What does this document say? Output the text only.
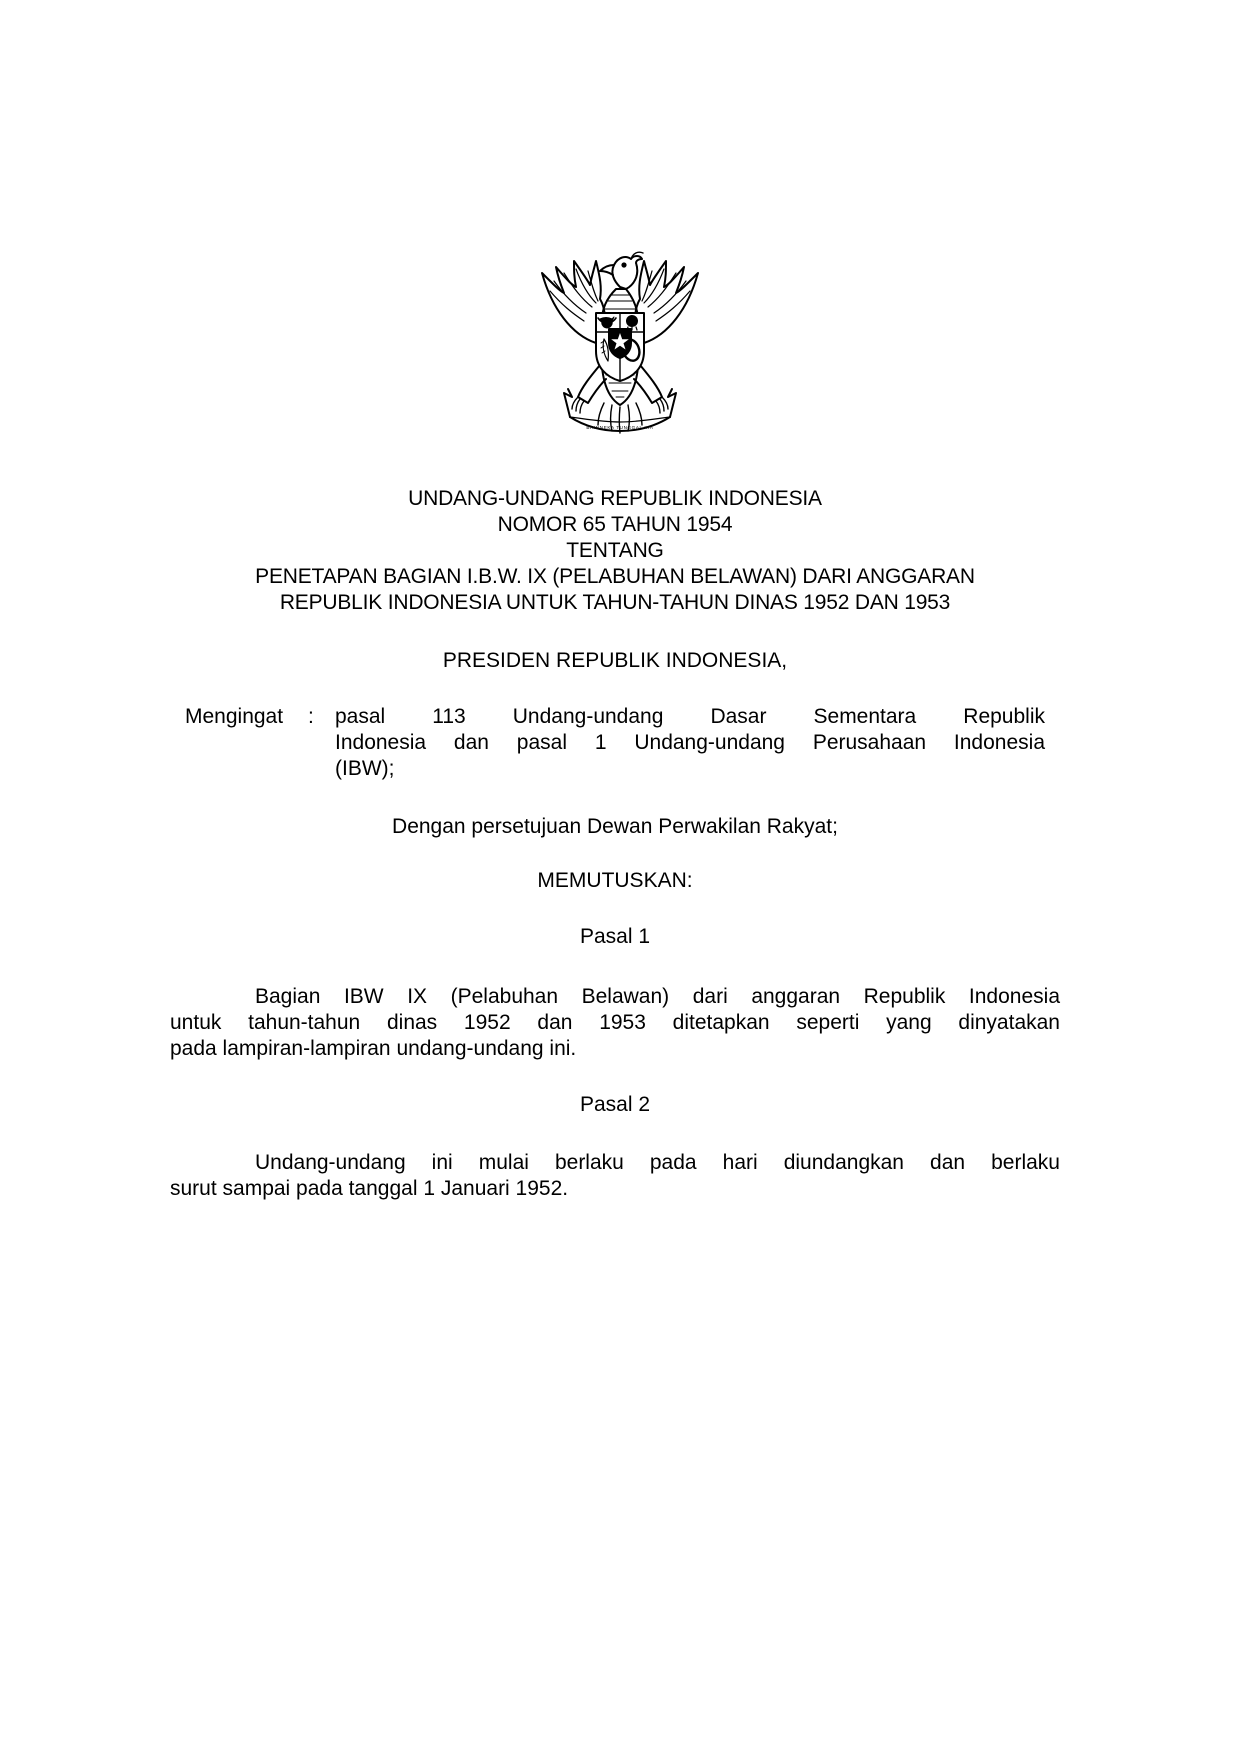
BHINNEKA TUNGGAL IKA
UNDANG-UNDANG REPUBLIK INDONESIA
NOMOR 65 TAHUN 1954
TENTANG
PENETAPAN BAGIAN I.B.W. IX (PELABUHAN BELAWAN) DARI ANGGARAN
REPUBLIK INDONESIA UNTUK TAHUN-TAHUN DINAS 1952 DAN 1953
PRESIDEN REPUBLIK INDONESIA,
Mengingat	:	pasal 113 Undang-undang Dasar Sementara Republik
Indonesia dan pasal 1 Undang-undang Perusahaan Indonesia
(IBW);
Dengan persetujuan Dewan Perwakilan Rakyat;
MEMUTUSKAN:
Pasal 1
Bagian IBW IX (Pelabuhan Belawan) dari anggaran Republik Indonesia
untuk tahun-tahun dinas 1952 dan 1953 ditetapkan seperti yang dinyatakan
pada lampiran-lampiran undang-undang ini.
Pasal 2
Undang-undang ini mulai berlaku pada hari diundangkan dan berlaku
surut sampai pada tanggal 1 Januari 1952.
